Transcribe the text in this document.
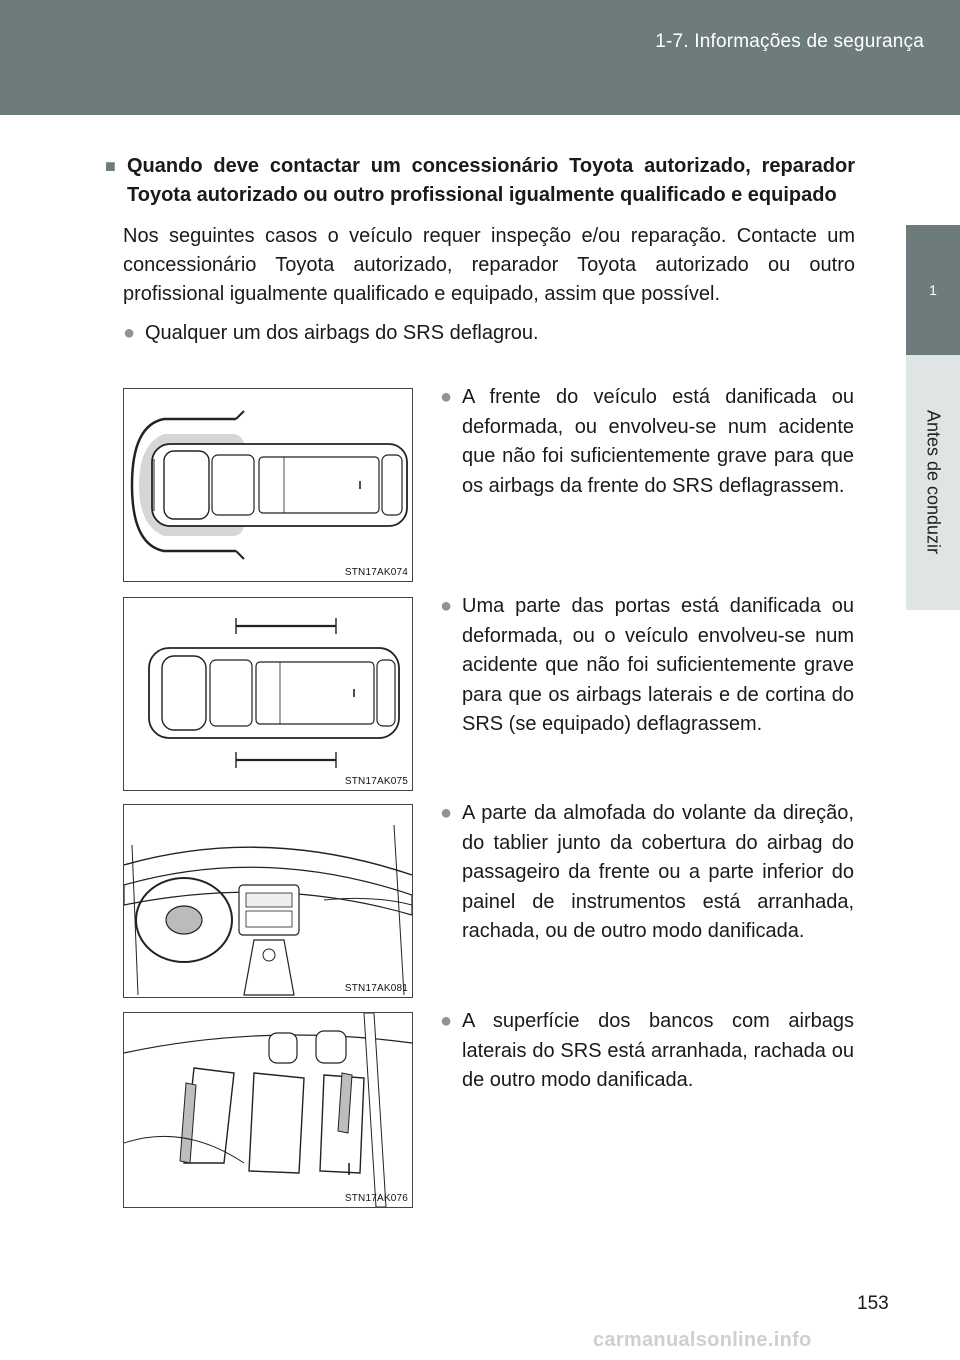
1-7. Informações de segurança
1
Antes de conduzir
■ Quando deve contactar um concessionário Toyota autorizado, reparador Toyota autorizado ou outro profissional igualmente qualificado e equipado
Nos seguintes casos o veículo requer inspeção e/ou reparação. Contacte um concessionário Toyota autorizado, reparador Toyota autorizado ou outro profissional igualmente qualificado e equipado, assim que possível.
● Qualquer um dos airbags do SRS deflagrou.
STN17AK074
● A frente do veículo está danificada ou deformada, ou envolveu-se num acidente que não foi suficientemente grave para que os airbags da frente do SRS deflagrassem.
STN17AK075
● Uma parte das portas está danificada ou deformada, ou o veículo envolveu-se num acidente que não foi suficientemente grave para que os airbags laterais e de cortina do SRS (se equipado) deflagrassem.
STN17AK081
● A parte da almofada do volante da direção, do tablier junto da cobertura do airbag do passageiro da frente ou a parte inferior do painel de instrumentos está arranhada, rachada, ou de outro modo danificada.
STN17AK076
● A superfície dos bancos com airbags laterais do SRS está arranhada, rachada ou de outro modo danificada.
153
carmanualsonline.info
